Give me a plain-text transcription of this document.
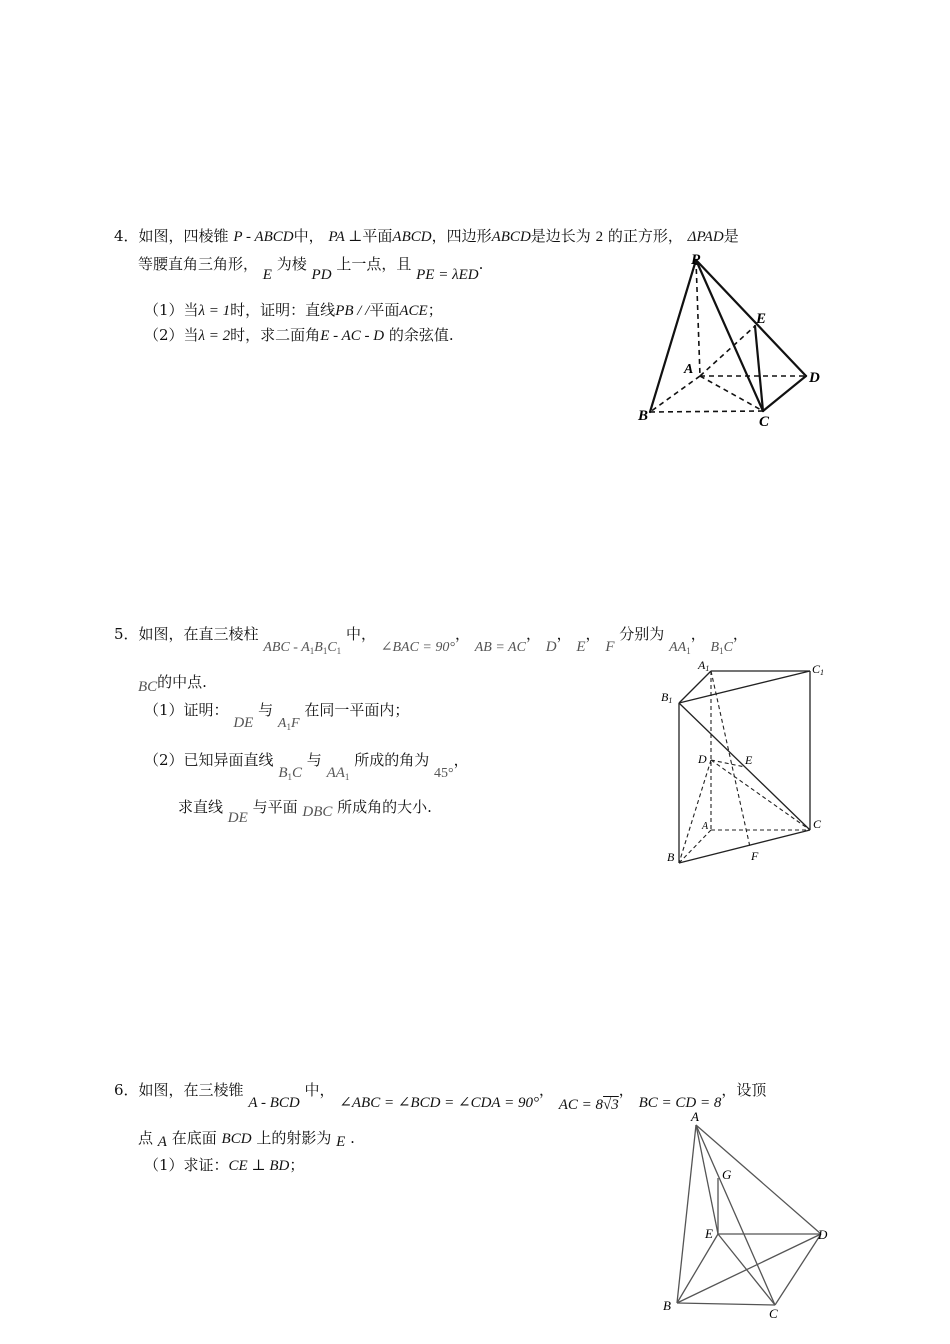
4．如图，四棱锥 P - ABCD中， PA ⊥平面ABCD，四边形ABCD是边长为 2 的正方形， ΔPAD是
等腰直角三角形， E 为棱 PD 上一点，且 PE = λED.
（1）当λ = 1时，证明：直线PB / /平面ACE；
（2）当λ = 2时，求二面角E - AC - D 的余弦值.
P
E
A
D
B	C
5．如图，在直三棱柱 ABC - $A_1B_1C_1$ 中， ∠BAC = 90°， AB = AC， D， E， F 分别为 $AA_1$， $B_1C$，
BC的中点.
（1）证明： DE 与 $A_1F$ 在同一平面内；
（2）已知异面直线 $B_1C$ 与 $AA_1$ 所成的角为 45°，
求直线 DE 与平面 DBC 所成角的大小.
A1	C1
B1
D	E
A	C
B	F
6．如图，在三棱锥 A - BCD 中， ∠ABC = ∠BCD = ∠CDA = 90°， AC = 8√3， BC = CD = 8，设顶
点 A 在底面 BCD 上的射影为 E .
（1）求证：CE ⊥ BD；
A
G
E	D
B
C
